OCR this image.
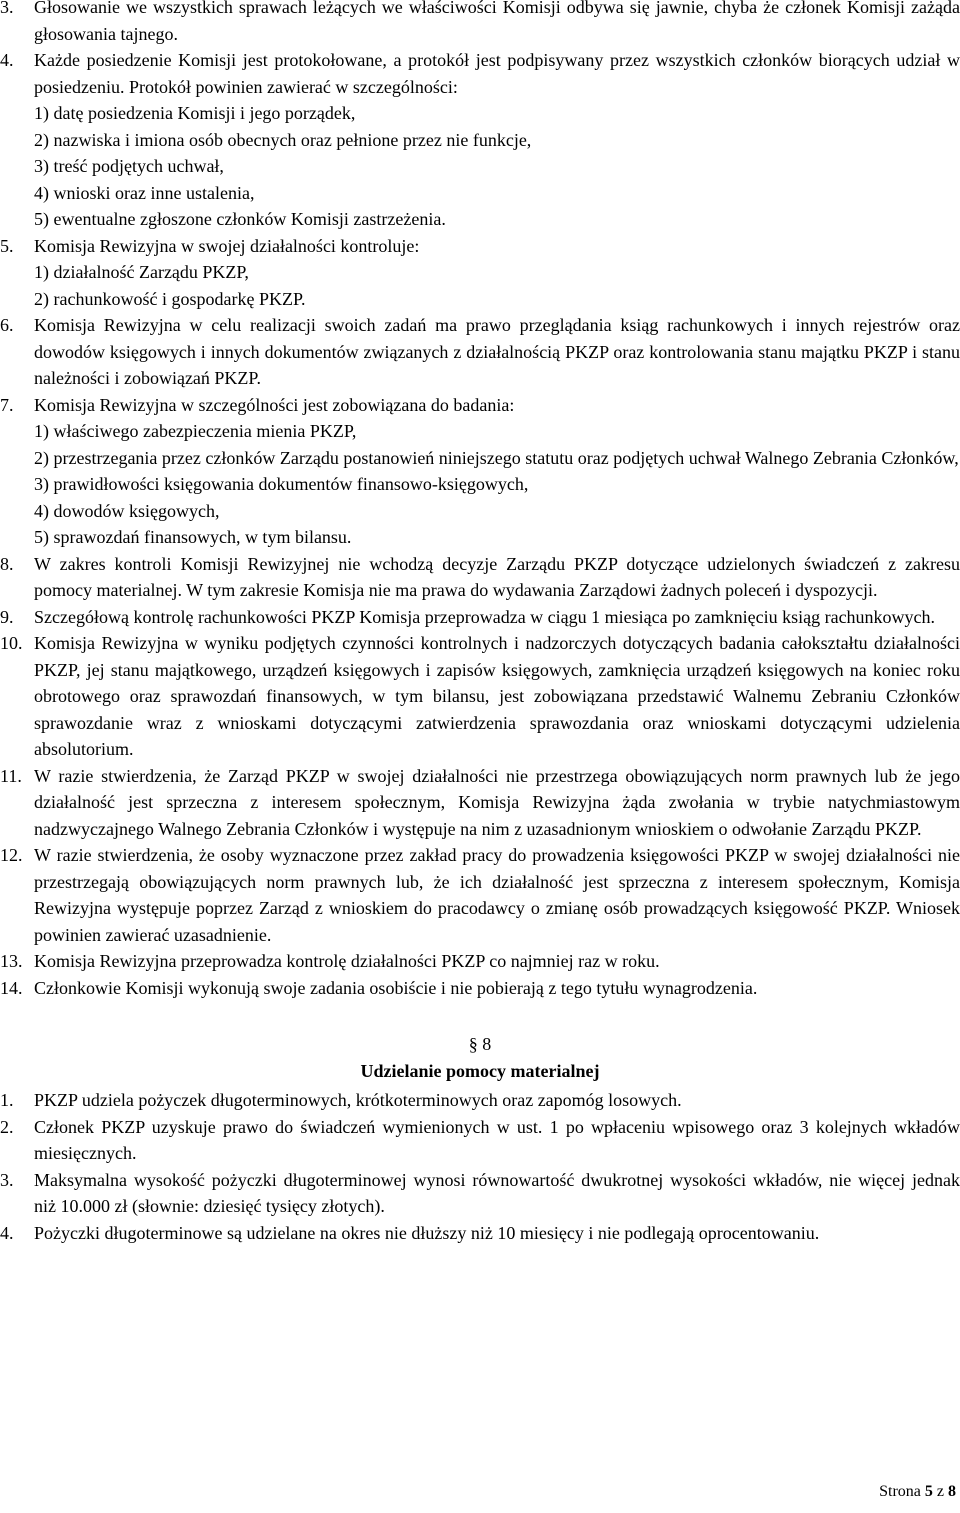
3.	Głosowanie we wszystkich sprawach leżących we właściwości Komisji odbywa się jawnie, chyba że członek Komisji zażąda głosowania tajnego.
4.	Każde posiedzenie Komisji jest protokołowane, a protokół jest podpisywany przez wszystkich członków biorących udział w posiedzeniu. Protokół powinien zawierać w szczególności:
1) datę posiedzenia Komisji i jego porządek,
2) nazwiska i imiona osób obecnych oraz pełnione przez nie funkcje,
3) treść podjętych uchwał,
4) wnioski oraz inne ustalenia,
5) ewentualne zgłoszone członków Komisji zastrzeżenia.
5.	Komisja Rewizyjna w swojej działalności kontroluje:
1) działalność Zarządu PKZP,
2) rachunkowość i gospodarkę PKZP.
6.	Komisja Rewizyjna w celu realizacji swoich zadań ma prawo przeglądania ksiąg rachunkowych i innych rejestrów oraz dowodów księgowych i innych dokumentów związanych z działalnością PKZP oraz kontrolowania stanu majątku PKZP i stanu należności i zobowiązań PKZP.
7.	Komisja Rewizyjna w szczególności jest zobowiązana do badania:
1) właściwego zabezpieczenia mienia PKZP,
2) przestrzegania przez członków Zarządu postanowień niniejszego statutu oraz podjętych uchwał Walnego Zebrania Członków,
3) prawidłowości księgowania dokumentów finansowo-księgowych,
4) dowodów księgowych,
5) sprawozdań finansowych, w tym bilansu.
8.	W zakres kontroli Komisji Rewizyjnej nie wchodzą decyzje Zarządu PKZP dotyczące udzielonych świadczeń z zakresu pomocy materialnej. W tym zakresie Komisja nie ma prawa do wydawania Zarządowi żadnych poleceń i dyspozycji.
9.	Szczegółową kontrolę rachunkowości PKZP Komisja przeprowadza w ciągu 1 miesiąca po zamknięciu ksiąg rachunkowych.
10. Komisja Rewizyjna w wyniku podjętych czynności kontrolnych i nadzorczych dotyczących badania całokształtu działalności PKZP, jej stanu majątkowego, urządzeń księgowych i zapisów księgowych, zamknięcia urządzeń księgowych na koniec roku obrotowego oraz sprawozdań finansowych, w tym bilansu, jest zobowiązana przedstawić Walnemu Zebraniu Członków sprawozdanie wraz z wnioskami dotyczącymi zatwierdzenia sprawozdania oraz wnioskami dotyczącymi udzielenia absolutorium.
11. W razie stwierdzenia, że Zarząd PKZP w swojej działalności nie przestrzega obowiązujących norm prawnych lub że jego działalność jest sprzeczna z interesem społecznym, Komisja Rewizyjna żąda zwołania w trybie natychmiastowym nadzwyczajnego Walnego Zebrania Członków i występuje na nim z uzasadnionym wnioskiem o odwołanie Zarządu PKZP.
12. W razie stwierdzenia, że osoby wyznaczone przez zakład pracy do prowadzenia księgowości PKZP w swojej działalności nie przestrzegają obowiązujących norm prawnych lub, że ich działalność jest sprzeczna z interesem społecznym, Komisja Rewizyjna występuje poprzez Zarząd z wnioskiem do pracodawcy o zmianę osób prowadzących księgowość PKZP. Wniosek powinien zawierać uzasadnienie.
13. Komisja Rewizyjna przeprowadza kontrolę działalności PKZP co najmniej raz w roku.
14. Członkowie Komisji wykonują swoje zadania osobiście i nie pobierają z tego tytułu wynagrodzenia.
§ 8
Udzielanie pomocy materialnej
1.	PKZP udziela pożyczek długoterminowych, krótkoterminowych oraz zapomóg losowych.
2.	Członek PKZP uzyskuje prawo do świadczeń wymienionych w ust. 1 po wpłaceniu wpisowego oraz 3 kolejnych wkładów miesięcznych.
3.	Maksymalna wysokość pożyczki długoterminowej wynosi równowartość dwukrotnej wysokości wkładów, nie więcej jednak niż 10.000 zł (słownie: dziesięć tysięcy złotych).
4.	Pożyczki długoterminowe są udzielane na okres nie dłuższy niż 10 miesięcy i nie podlegają oprocentowaniu.
Strona 5 z 8
